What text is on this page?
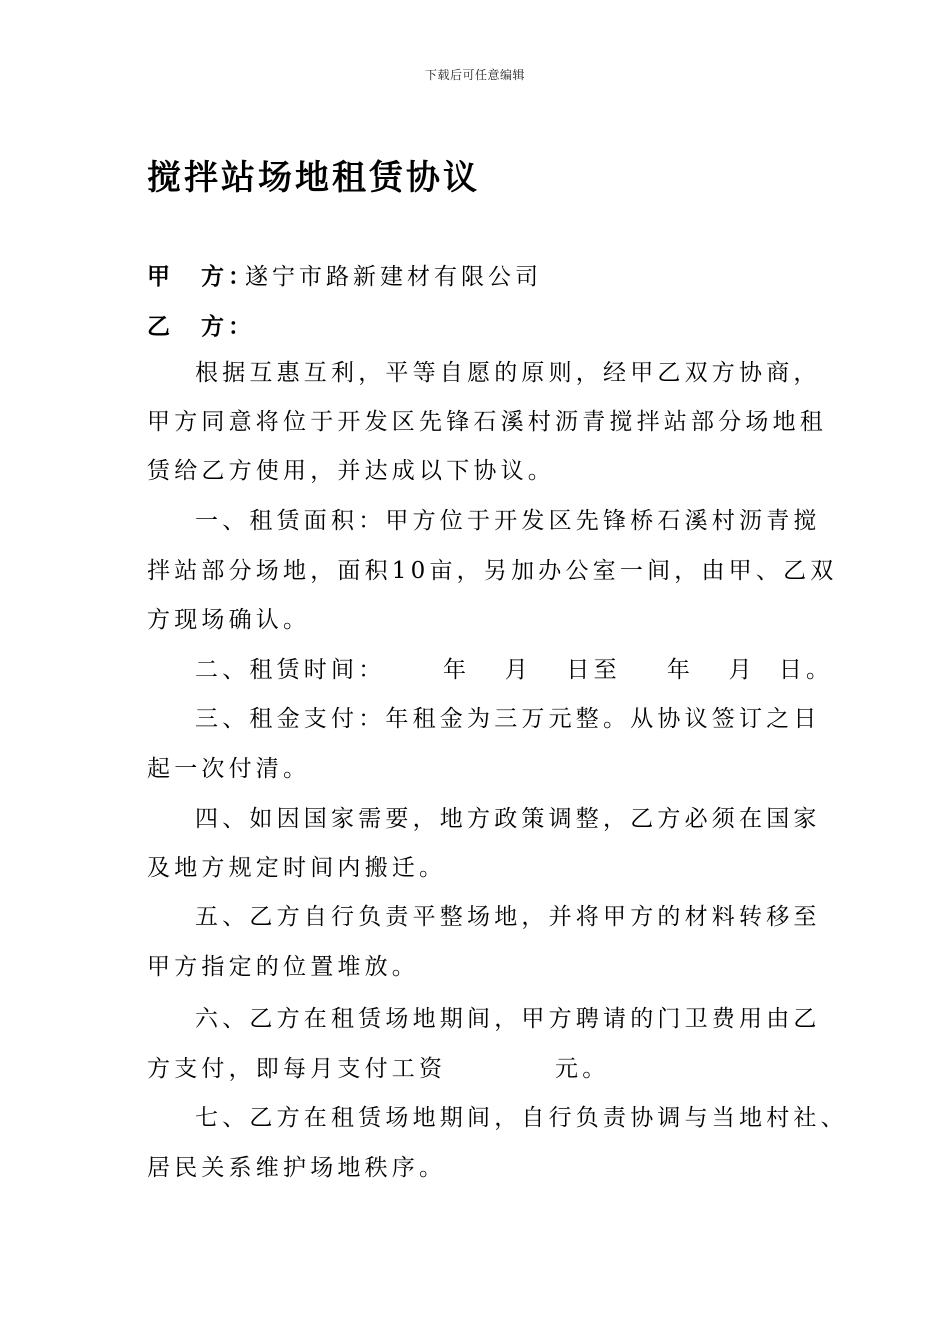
下载后可任意编辑
搅拌站场地租赁协议
甲　方：遂宁市路新建材有限公司
乙　方：
根据互惠互利，平等自愿的原则，经甲乙双方协商，
甲方同意将位于开发区先锋石溪村沥青搅拌站部分场地租
赁给乙方使用，并达成以下协议。
一、租赁面积：甲方位于开发区先锋桥石溪村沥青搅
拌站部分场地，面积10亩，另加办公室一间，由甲、乙双
方现场确认。
二、租赁时间：     年   月   日至    年   月  日。
三、租金支付：年租金为三万元整。从协议签订之日
起一次付清。
四、如因国家需要，地方政策调整，乙方必须在国家
及地方规定时间内搬迁。
五、乙方自行负责平整场地，并将甲方的材料转移至
甲方指定的位置堆放。
六、乙方在租赁场地期间，甲方聘请的门卫费用由乙
方支付，即每月支付工资　　　　元。
七、乙方在租赁场地期间，自行负责协调与当地村社、
居民关系维护场地秩序。
